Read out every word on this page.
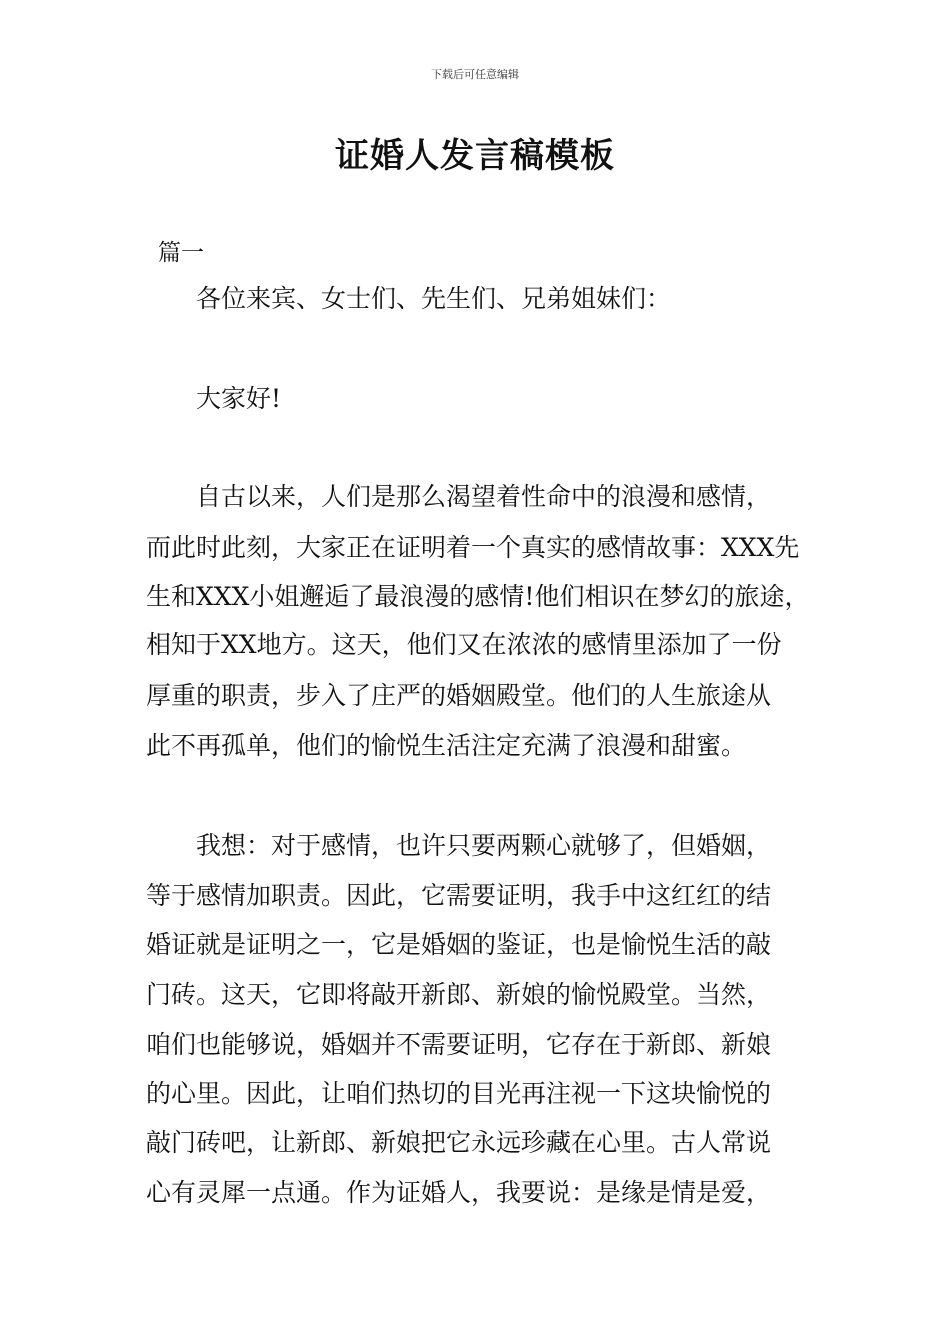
下载后可任意编辑
证婚人发言稿模板
篇一

各位来宾、女士们、先生们、兄弟姐妹们：

大家好!

自古以来，人们是那么渴望着性命中的浪漫和感情，

而此时此刻，大家正在证明着一个真实的感情故事：XXX先

生和XXX小姐邂逅了最浪漫的感情!他们相识在梦幻的旅途，

相知于XX地方。这天，他们又在浓浓的感情里添加了一份

厚重的职责，步入了庄严的婚姻殿堂。他们的人生旅途从

此不再孤单，他们的愉悦生活注定充满了浪漫和甜蜜。

我想：对于感情，也许只要两颗心就够了，但婚姻，

等于感情加职责。因此，它需要证明，我手中这红红的结

婚证就是证明之一，它是婚姻的鉴证，也是愉悦生活的敲

门砖。这天，它即将敲开新郎、新娘的愉悦殿堂。当然，

咱们也能够说，婚姻并不需要证明，它存在于新郎、新娘

的心里。因此，让咱们热切的目光再注视一下这块愉悦的

敲门砖吧，让新郎、新娘把它永远珍藏在心里。古人常说

心有灵犀一点通。作为证婚人，我要说：是缘是情是爱，
